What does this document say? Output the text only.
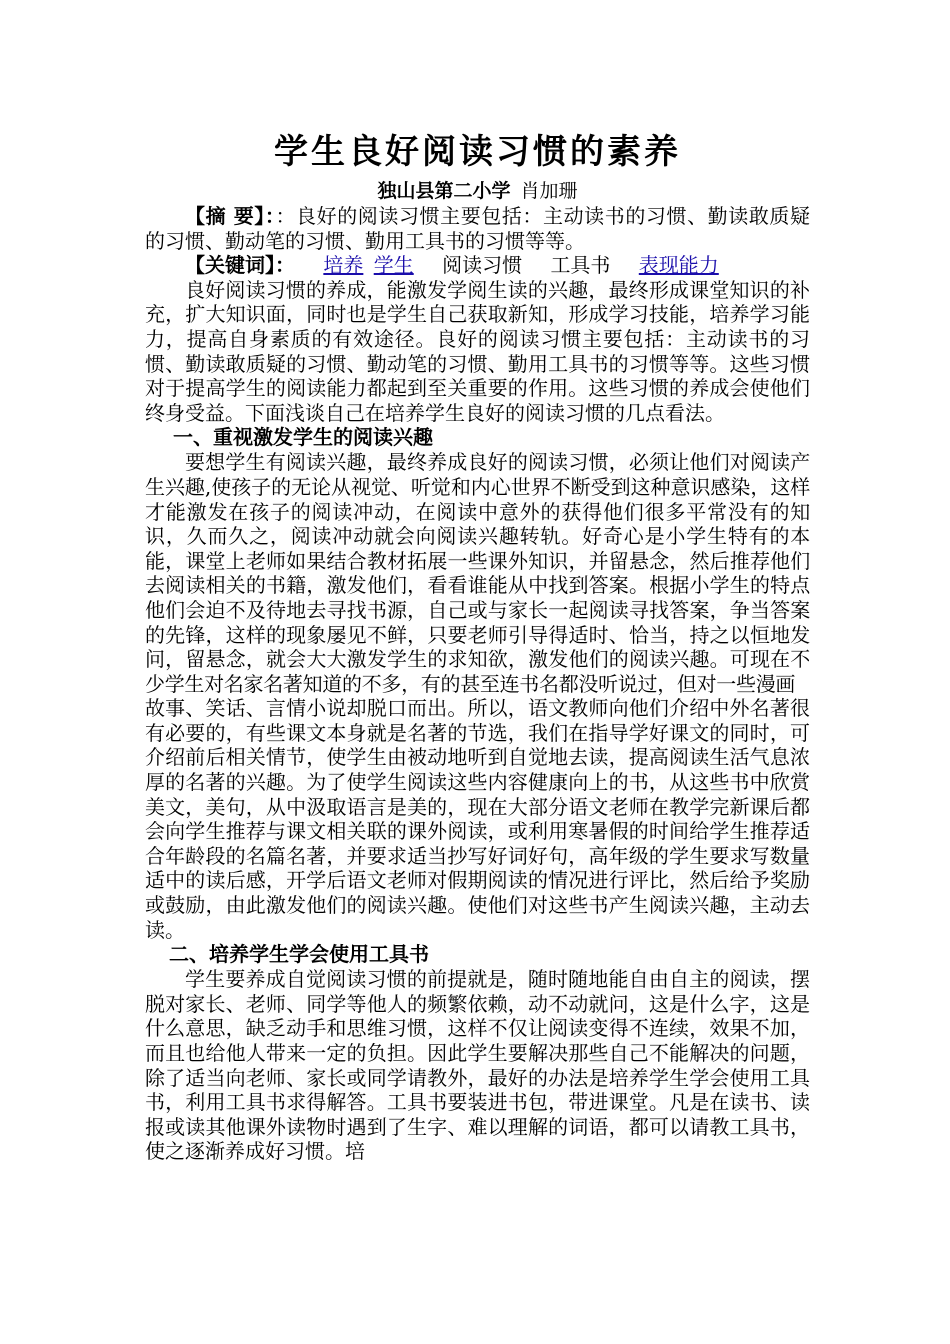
学生良好阅读习惯的素养
独山县第二小学 肖加珊

【摘 要】：：良好的阅读习惯主要包括：主动读书的习惯、勤读敢质疑的习惯、勤动笔的习惯、勤用工具书的习惯等等。

【关键词】： 培养 学生 阅读习惯 工具书 表现能力

良好阅读习惯的养成，能激发学阅生读的兴趣，最终形成课堂知识的补充，扩大知识面，同时也是学生自己获取新知，形成学习技能，培养学习能力，提高自身素质的有效途径。良好的阅读习惯主要包括：主动读书的习惯、勤读敢质疑的习惯、勤动笔的习惯、勤用工具书的习惯等等。这些习惯对于提高学生的阅读能力都起到至关重要的作用。这些习惯的养成会使他们终身受益。下面浅谈自己在培养学生良好的阅读习惯的几点看法。

一、重视激发学生的阅读兴趣

要想学生有阅读兴趣，最终养成良好的阅读习惯，必须让他们对阅读产生兴趣,使孩子的无论从视觉、听觉和内心世界不断受到这种意识感染，这样才能激发在孩子的阅读冲动，在阅读中意外的获得他们很多平常没有的知识，久而久之，阅读冲动就会向阅读兴趣转轨。好奇心是小学生特有的本能，课堂上老师如果结合教材拓展一些课外知识，并留悬念，然后推荐他们去阅读相关的书籍，激发他们，看看谁能从中找到答案。根据小学生的特点他们会迫不及待地去寻找书源，自己或与家长一起阅读寻找答案，争当答案的先锋，这样的现象屡见不鲜，只要老师引导得适时、恰当，持之以恒地发问，留悬念，就会大大激发学生的求知欲，激发他们的阅读兴趣。可现在不少学生对名家名著知道的不多，有的甚至连书名都没听说过，但对一些漫画

故事、笑话、言情小说却脱口而出。所以，语文教师向他们介绍中外名著很有必要的，有些课文本身就是名著的节选，我们在指导学好课文的同时，可介绍前后相关情节，使学生由被动地听到自觉地去读，提高阅读生活气息浓厚的名著的兴趣。为了使学生阅读这些内容健康向上的书，从这些书中欣赏美文，美句，从中汲取语言是美的，现在大部分语文老师在教学完新课后都会向学生推荐与课文相关联的课外阅读，或利用寒暑假的时间给学生推荐适合年龄段的名篇名著，并要求适当抄写好词好句，高年级的学生要求写数量适中的读后感，开学后语文老师对假期阅读的情况进行评比，然后给予奖励或鼓励，由此激发他们的阅读兴趣。使他们对这些书产生阅读兴趣，主动去读。

二、培养学生学会使用工具书

学生要养成自觉阅读习惯的前提就是，随时随地能自由自主的阅读，摆脱对家长、老师、同学等他人的频繁依赖，动不动就问，这是什么字，这是什么意思，缺乏动手和思维习惯，这样不仅让阅读变得不连续，效果不加，而且也给他人带来一定的负担。因此学生要解决那些自己不能解决的问题，除了适当向老师、家长或同学请教外，最好的办法是培养学生学会使用工具书，利用工具书求得解答。工具书要装进书包，带进课堂。凡是在读书、读报或读其他课外读物时遇到了生字、难以理解的词语，都可以请教工具书，使之逐渐养成好习惯。培
